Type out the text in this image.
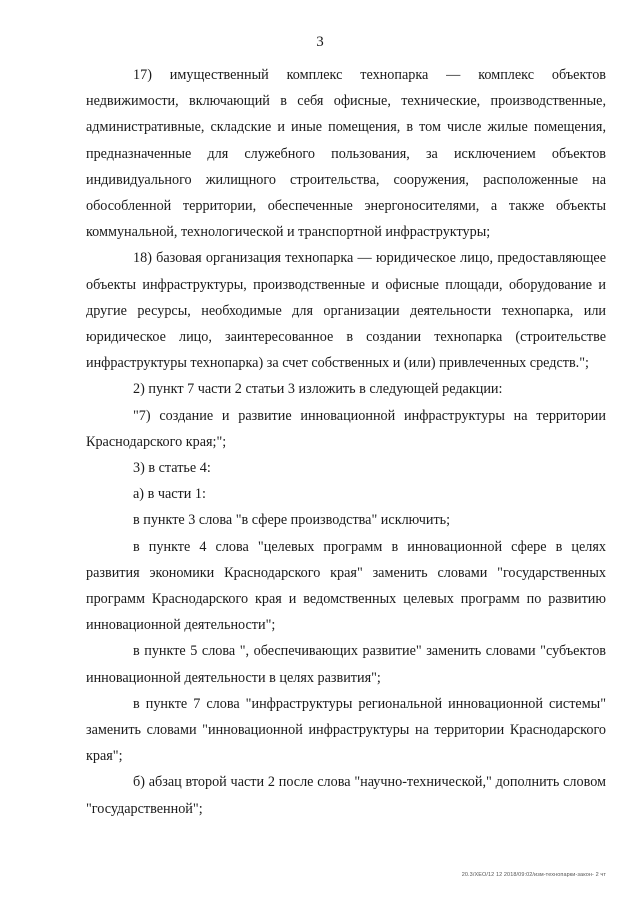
3

17) имущественный комплекс технопарка — комплекс объектов недвижимости, включающий в себя офисные, технические, производственные, административные, складские и иные помещения, в том числе жилые помещения, предназначенные для служебного пользования, за исключением объектов индивидуального жилищного строительства, сооружения, расположенные на обособленной территории, обеспеченные энергоносителями, а также объекты коммунальной, технологической и транспортной инфраструктуры;

18) базовая организация технопарка — юридическое лицо, предоставляющее объекты инфраструктуры, производственные и офисные площади, оборудование и другие ресурсы, необходимые для организации деятельности технопарка, или юридическое лицо, заинтересованное в создании технопарка (строительстве инфраструктуры технопарка) за счет собственных и (или) привлеченных средств.";

2) пункт 7 части 2 статьи 3 изложить в следующей редакции:

"7) создание и развитие инновационной инфраструктуры на территории Краснодарского края;";

3) в статье 4:

а) в части 1:

в пункте 3 слова "в сфере производства" исключить;

в пункте 4 слова "целевых программ в инновационной сфере в целях развития экономики Краснодарского края" заменить словами "государственных программ Краснодарского края и ведомственных целевых программ по развитию инновационной деятельности";

в пункте 5 слова ", обеспечивающих развитие" заменить словами "субъектов инновационной деятельности в целях развития";

в пункте 7 слова "инфраструктуры региональной инновационной системы" заменить словами "инновационной инфраструктуры на территории Краснодарского края";

б) абзац второй части 2 после слова "научно-технической," дополнить словом "государственной";

20.3/ХЕО/12 12 2018/09:02/изм-технопарки-закон- 2 чт
